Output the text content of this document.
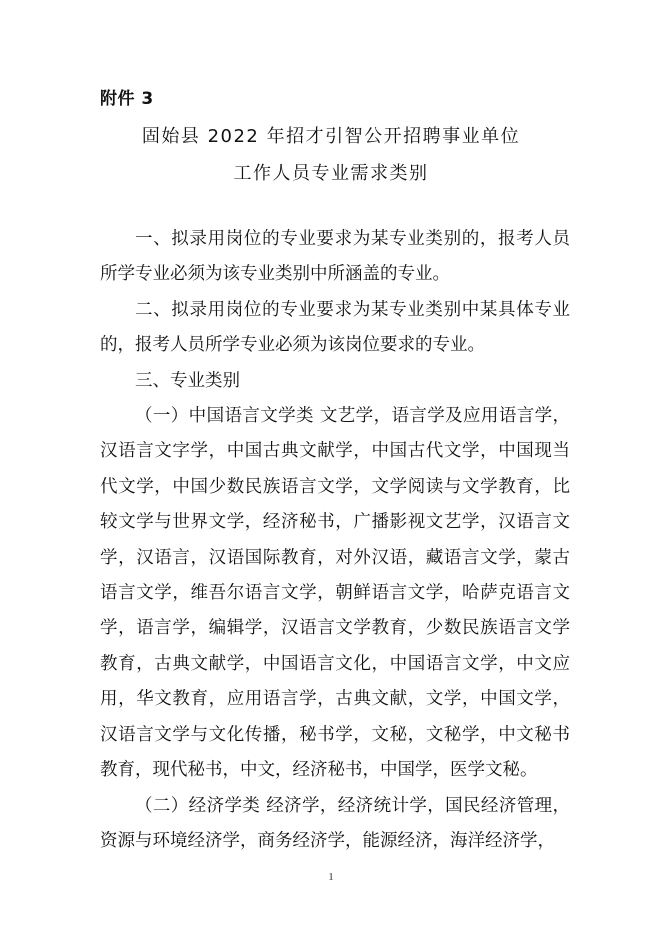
附件 3
固始县 2022 年招才引智公开招聘事业单位
工作人员专业需求类别

一、拟录用岗位的专业要求为某专业类别的，报考人员所学专业必须为该专业类别中所涵盖的专业。

二、拟录用岗位的专业要求为某专业类别中某具体专业的，报考人员所学专业必须为该岗位要求的专业。

三、专业类别

（一）中国语言文学类 文艺学，语言学及应用语言学，汉语言文字学，中国古典文献学，中国古代文学，中国现当代文学，中国少数民族语言文学，文学阅读与文学教育，比较文学与世界文学，经济秘书，广播影视文艺学，汉语言文学，汉语言，汉语国际教育，对外汉语，藏语言文学，蒙古语言文学，维吾尔语言文学，朝鲜语言文学，哈萨克语言文学，语言学，编辑学，汉语言文学教育，少数民族语言文学教育，古典文献学，中国语言文化，中国语言文学，中文应用，华文教育，应用语言学，古典文献，文学，中国文学，汉语言文学与文化传播，秘书学，文秘，文秘学，中文秘书教育，现代秘书，中文，经济秘书，中国学，医学文秘。

（二）经济学类 经济学，经济统计学，国民经济管理，资源与环境经济学，商务经济学，能源经济，海洋经济学，

1
